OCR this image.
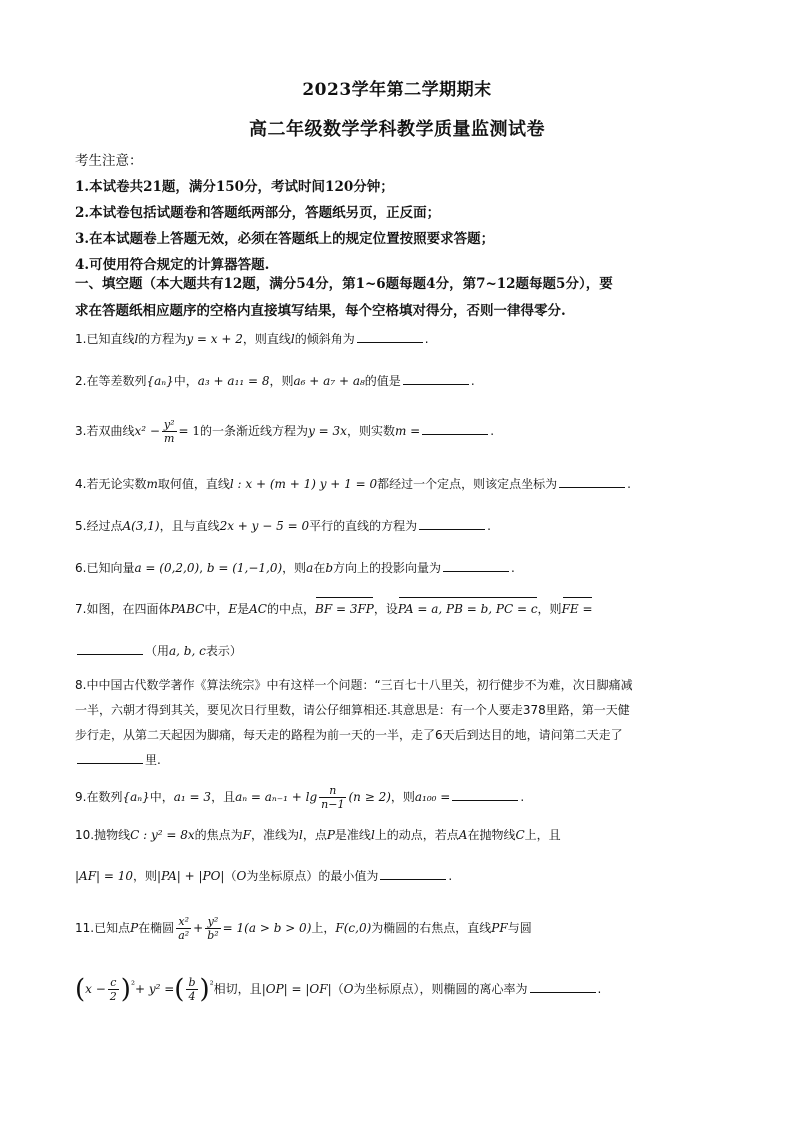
2023学年第二学期期末
高二年级数学学科教学质量监测试卷
考生注意：
1.本试卷共21题，满分150分，考试时间120分钟；
2.本试卷包括试题卷和答题纸两部分，答题纸另页，正反面；
3.在本试题卷上答题无效，必须在答题纸上的规定位置按照要求答题；
4.可使用符合规定的计算器答题.
一、填空题（本大题共有12题，满分54分，第1~6题每题4分，第7~12题每题5分），要
求在答题纸相应题序的空格内直接填写结果，每个空格填对得分，否则一律得零分.
1.已知直线l的方程为y = x + 2，则直线l的倾斜角为	.
2.在等差数列{aₙ}中，a₃ + a₁₁ = 8，则a₆ + a₇ + a₈的值是	.
3.若双曲线$x^2 - \frac{\text{y²}}{m} = 1$的一条渐近线方程为y = 3x，则实数m =	.
4.若无论实数m取何值，直线l : x + (m + 1) y + 1 = 0都经过一个定点，则该定点坐标为	.
5.经过点A(3,1)，且与直线2x + y − 5 = 0平行的直线的方程为	.
6.已知向量a = (0,2,0), b = (1,−1,0)，则a在b方向上的投影向量为	.
7.如图，在四面体PABC中，E是AC的中点，BF = 3FP，设PA = a, PB = b, PC = c，则FE =
（用a, b, c表示）
8.中中国古代数学著作《算法统宗》中有这样一个问题：“三百七十八里关，初行健步不为难，次日脚痛减
一半，六朝才得到其关，要见次日行里数，请公仔细算相还.其意思是：有一个人要走378里路，第一天健
步行走，从第二天起因为脚痛，每天走的路程为前一天的一半，走了6天后到达目的地，请问第二天走了
里.
9.在数列{aₙ}中，a₁ = 3，且$a_n = a_{n-1} + \lg \frac{n}{n-1} (n \ge 2)$，则a₁₀₀ =	.
10.抛物线C : y² = 8x的焦点为F，准线为l，点P是准线l上的动点，若点A在抛物线C上，且
|AF| = 10，则|PA| + |PO|（O为坐标原点）的最小值为	.
11.已知点P在椭圆 $\frac{\text{x²}}{\text{a²}} + \frac{\text{y²}}{\text{b²}} = 1(a > b > 0)$上，F(c,0)为椭圆的右焦点，直线PF与圆
$(x - \frac{c}{2} )^{^2}+ y^2$ =( $\frac{b}{4} )^{^2}$相切，且|OP| = |OF|（O为坐标原点），则椭圆的离心率为	.
